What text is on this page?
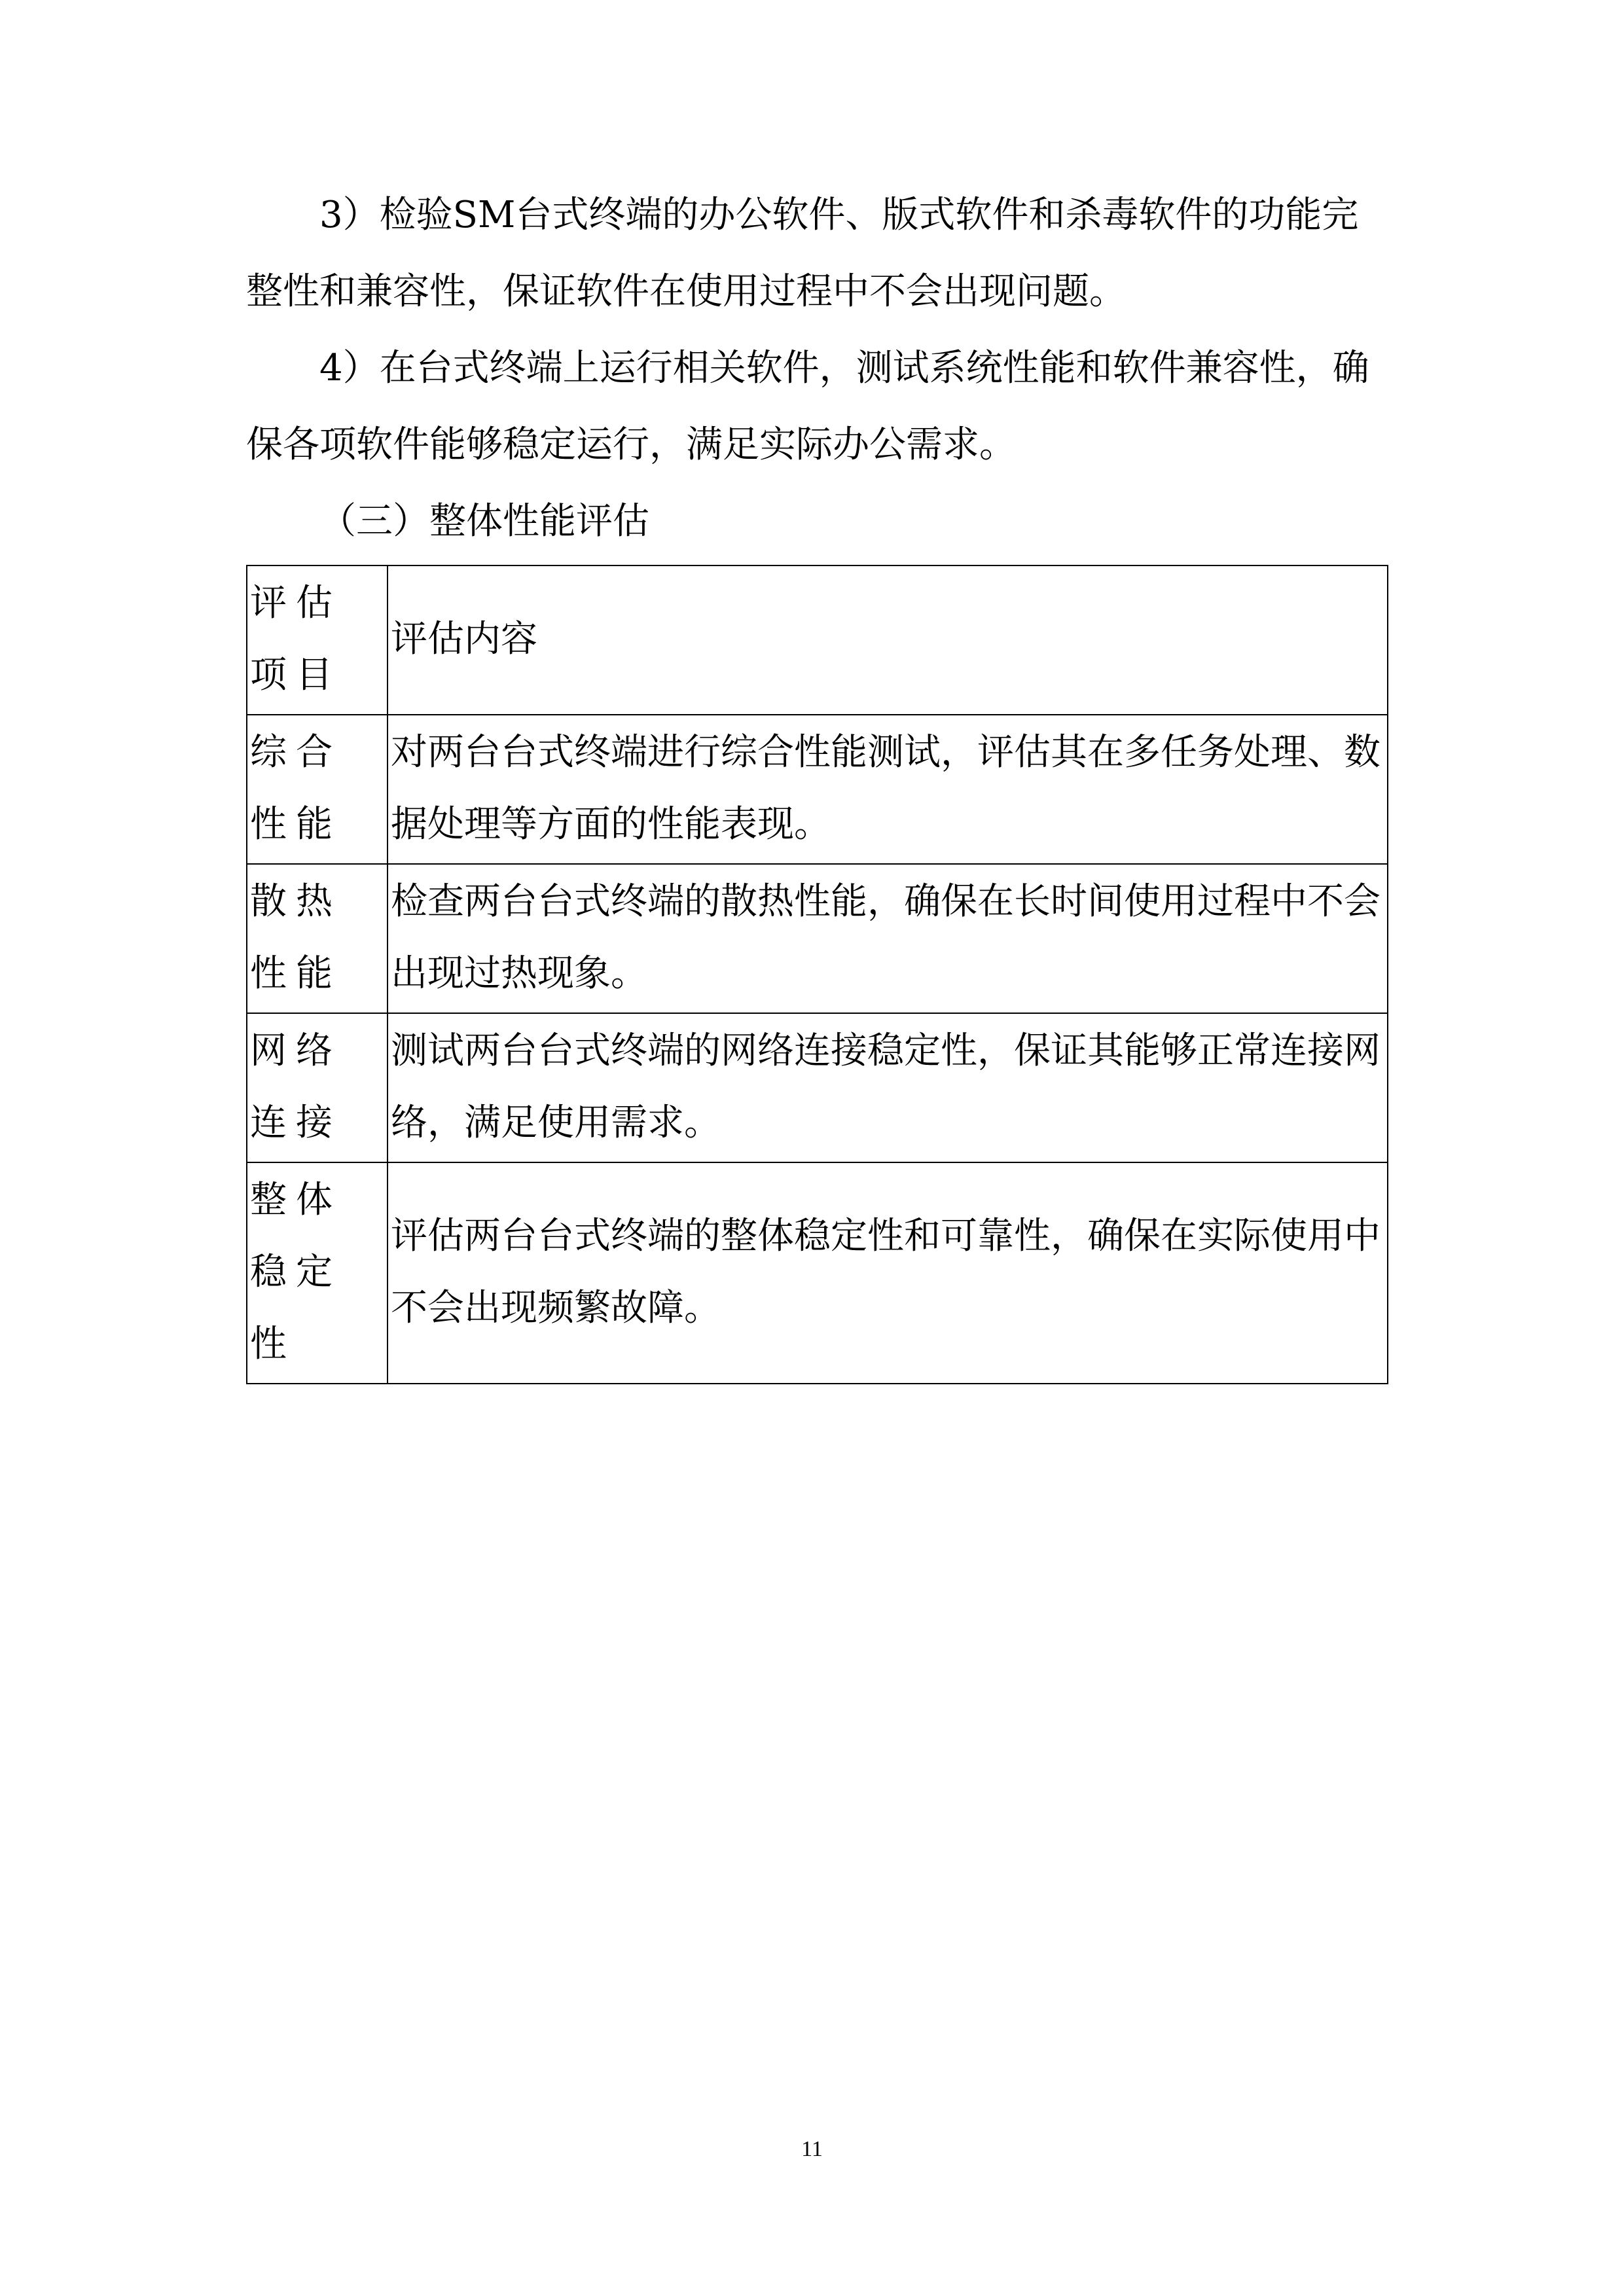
3）检验SM台式终端的办公软件、版式软件和杀毒软件的功能完整性和兼容性，保证软件在使用过程中不会出现问题。

4）在台式终端上运行相关软件，测试系统性能和软件兼容性，确保各项软件能够稳定运行，满足实际办公需求。

（三）整体性能评估

评估项目	评估内容
综合性能	对两台台式终端进行综合性能测试，评估其在多任务处理、数据处理等方面的性能表现。
散热性能	检查两台台式终端的散热性能，确保在长时间使用过程中不会出现过热现象。
网络连接	测试两台台式终端的网络连接稳定性，保证其能够正常连接网络，满足使用需求。
整体稳定性	评估两台台式终端的整体稳定性和可靠性，确保在实际使用中不会出现频繁故障。
11
